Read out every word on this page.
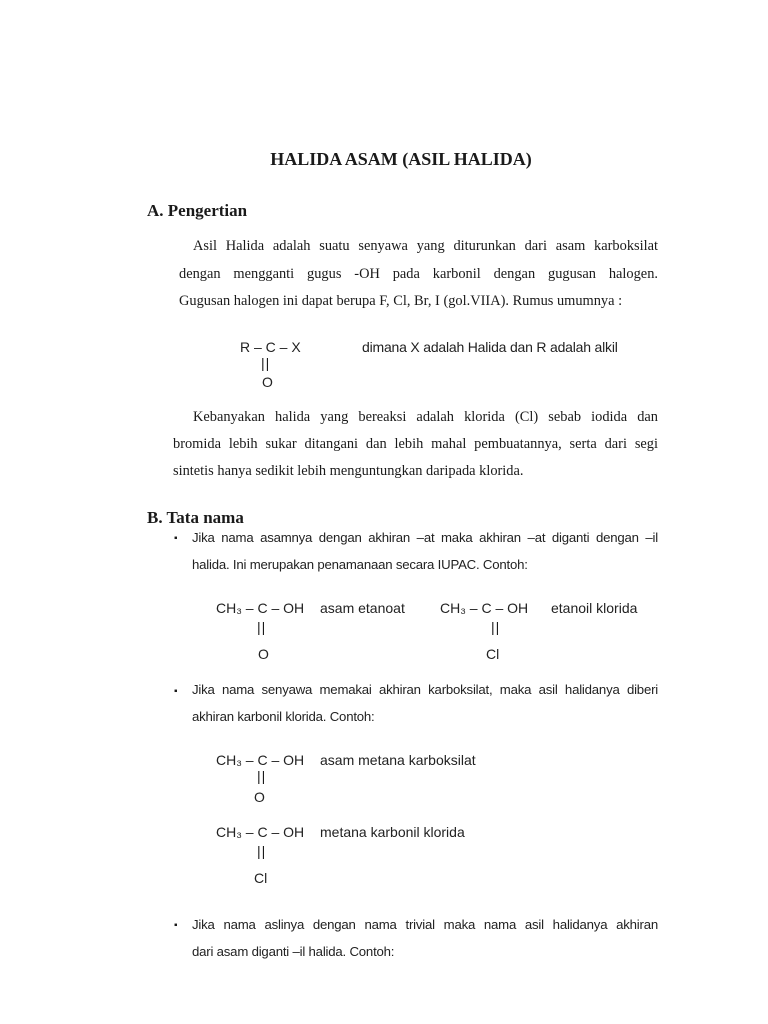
HALIDA ASAM (ASIL HALIDA)
A. Pengertian
Asil Halida adalah suatu senyawa yang diturunkan dari asam karboksilat
dengan mengganti gugus -OH pada karbonil dengan gugusan halogen.
Gugusan halogen ini dapat berupa F, Cl, Br, I (gol.VIIA). Rumus umumnya :
R – C – X
||
O
dimana X adalah Halida dan R adalah alkil
Kebanyakan halida yang bereaksi adalah klorida (Cl) sebab iodida dan
bromida lebih sukar ditangani dan lebih mahal pembuatannya, serta dari segi
sintetis hanya sedikit lebih menguntungkan daripada klorida.
B. Tata nama
▪ Jika nama asamnya dengan akhiran –at maka akhiran –at diganti dengan –il
halida. Ini merupakan penamanaan secara IUPAC. Contoh:
CH₃ – C – OH
||
O
asam etanoat	CH₃ – C – OH
||
Cl
etanoil klorida
▪ Jika nama senyawa memakai akhiran karboksilat, maka asil halidanya diberi
akhiran karbonil klorida. Contoh:
CH₃ – C – OH
||
O
asam metana karboksilat
CH₃ – C – OH
||
Cl
metana karbonil klorida
▪ Jika nama aslinya dengan nama trivial maka nama asil halidanya akhiran
dari asam diganti –il halida. Contoh:
